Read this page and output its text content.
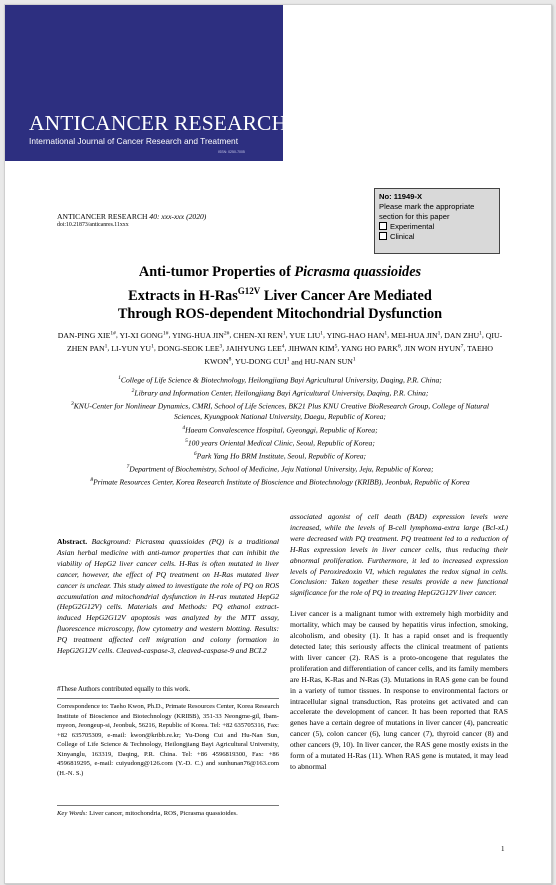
ANTICANCER RESEARCH
International Journal of Cancer Research and Treatment
ISSN: 0250-7005
No: 11949-X
Please mark the appropriate section for this paper
Experimental
Clinical
ANTICANCER RESEARCH 40: xxx-xxx (2020)
doi:10.21873/anticanres.11xxx
Anti-tumor Properties of Picrasma quassioides
Extracts in H-Ras$^{G12V}$ Liver Cancer Are Mediated
Through ROS-dependent Mitochondrial Dysfunction
DAN-PING $XIE^{1\#}$, YI-XI $GONG^{1\#}$, YING-HUA $JIN^{2\#}$, CHEN-XI REN$^1$, YUE LIU$^1$, YING-HAO HAN$^1$, MEI-HUA JIN$^1$, DAN ZHU$^1$, QIU-ZHEN PAN$^1$, LI-YUN $YU^1$, DONG-SEOK LEE$^3$, JAIHYUNG LEE$^4$, JIHWAN KIM$^5$, YANG HO PARK$^6$, JIN WON HYUN$^7$, TAEHO KWON$^8$, YU-DONG CUI$^1$ and HU-NAN SUN$^1$
$^1$College of Life Science & Biotechnology, Heilongjiang Bayi Agricultural University, Daqing, P.R. China;
$^2$Library and Information Center, Heilongjiang Bayi Agricultural University, Daqing, P.R. China;
$^3$KNU-Center for Nonlinear Dynamics, CMRI, School of Life Sciences, BK21 Plus KNU Creative BioResearch Group, College of Natural Sciences, Kyungpook National University, Daegu, Republic of Korea;
$^4$Haeam Convalescence Hospital, Gyeonggi, Republic of Korea;
$^5$100 years Oriental Medical Clinic, Seoul, Republic of Korea;
$^6$Park Yang Ho BRM Institute, Seoul, Republic of Korea;
$^7$Department of Biochemistry, School of Medicine, Jeju National University, Jeju, Republic of Korea;
$^8$Primate Resources Center, Korea Research Institute of Bioscience and Biotechnology (KRIBB), Jeonbuk, Republic of Korea
Abstract. Background: Picrasma quassioides (PQ) is a traditional Asian herbal medicine with anti-tumor properties that can inhibit the viability of HepG2 liver cancer cells. H-Ras is often mutated in liver cancer, however, the effect of PQ treatment on H-Ras mutated liver cancer is unclear. This study aimed to investigate the role of PQ on ROS accumulation and mitochondrial dysfunction in H-ras mutated HepG2 (HepG2G12V) cells. Materials and Methods: PQ ethanol extract-induced HepG2G12V apoptosis was analyzed by the MTT assay, fluorescence microscopy, flow cytometry and western blotting. Results: PQ treatment affected cell migration and colony formation in HepG2G12V cells. Cleaved-caspase-3, cleaved-caspase-9 and BCL2
#These Authors contributed equally to this work.
Correspondence to: Taeho Kwon, Ph.D., Primate Resources Center, Korea Research Institute of Bioscience and Biotechnology (KRIBB), 351-33 Neongme-gil, Ibam-myeon, Jeongeup-si, Jeonbuk, 56216, Republic of Korea. Tel: +82 635705316, Fax: +82 635705309, e-mail: kwon@kribb.re.kr; Yu-Dong Cui and Hu-Nan Sun, College of Life Science & Technology, Heilongjiang Bayi Agricultural University, Xinyanglu, 163319, Daqing, P.R. China. Tel: +86 4596819300, Fax: +86 4596819295, e-mail: cuiyudong@126.com (Y.-D. C.) and sunhunan76@163.com (H.-N. S.)
Key Words: Liver cancer, mitochondria, ROS, Picrasma quassioides.
associated agonist of cell death (BAD) expression levels were increased, while the levels of B-cell lymphoma-extra large (Bcl-xL) were decreased with PQ treatment. PQ treatment led to a reduction of H-Ras expression levels in liver cancer cells, thus reducing their abnormal proliferation. Furthermore, it led to increased expression levels of Peroxiredoxin VI, which regulates the redox signal in cells. Conclusion: Taken together these results provide a new functional significance for the role of PQ in treating HepG2G12V liver cancer.
Liver cancer is a malignant tumor with extremely high morbidity and mortality, which may be caused by hepatitis virus infection, smoking, alcoholism, and obesity (1). It has a rapid onset and is frequently detected late; this seriously affects the clinical treatment of patients with liver cancer (2). RAS is a proto-oncogene that regulates the proliferation and differentiation of cancer cells, and its family members are H-Ras, K-Ras and N-Ras (3). Mutations in RAS gene can be found in a variety of tumor tissues. In response to environmental factors or intracellular signal transduction, Ras proteins get activated and can accelerate the development of cancer. It has been reported that RAS genes have a certain degree of mutations in liver cancer (4), pancreatic cancer (5), colon cancer (6), lung cancer (7), thyroid cancer (8) and other cancers (9, 10). In liver cancer, the RAS gene mostly exists in the form of a mutated H-Ras (11). When RAS gene is mutated, it may lead to abnormal
1
